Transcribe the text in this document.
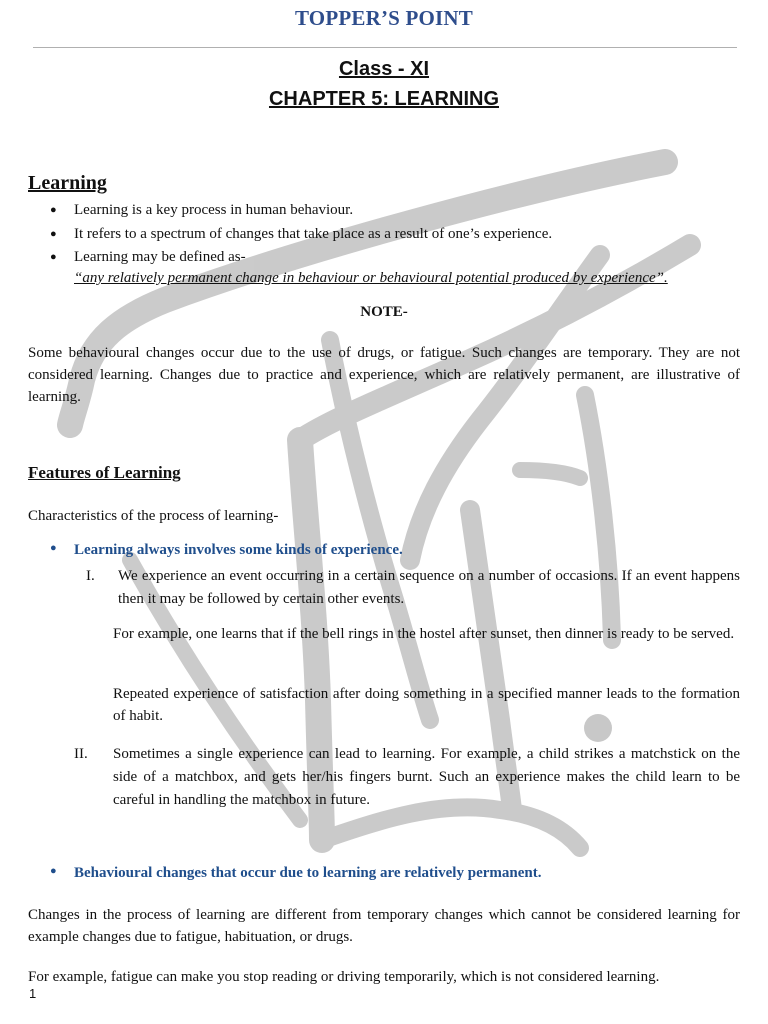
TOPPER’S POINT
Class - XI
CHAPTER 5: LEARNING
Learning
● Learning is a key process in human behaviour.
● It refers to a spectrum of changes that take place as a result of one’s experience.
● Learning may be defined as-
“any relatively permanent change in behaviour or behavioural potential produced by experience”.
NOTE-
Some behavioural changes occur due to the use of drugs, or fatigue. Such changes are temporary. They are not considered learning. Changes due to practice and experience, which are relatively permanent, are illustrative of learning.
Features of Learning
Characteristics of the process of learning-
● Learning always involves some kinds of experience.
I. We experience an event occurring in a certain sequence on a number of occasions. If an event happens then it may be followed by certain other events.
For example, one learns that if the bell rings in the hostel after sunset, then dinner is ready to be served.
Repeated experience of satisfaction after doing something in a specified manner leads to the formation of habit.
II. Sometimes a single experience can lead to learning. For example, a child strikes a matchstick on the side of a matchbox, and gets her/his fingers burnt. Such an experience makes the child learn to be careful in handling the matchbox in future.
● Behavioural changes that occur due to learning are relatively permanent.
Changes in the process of learning are different from temporary changes which cannot be considered learning for example changes due to fatigue, habituation, or drugs.
For example, fatigue can make you stop reading or driving temporarily, which is not considered learning.
1
